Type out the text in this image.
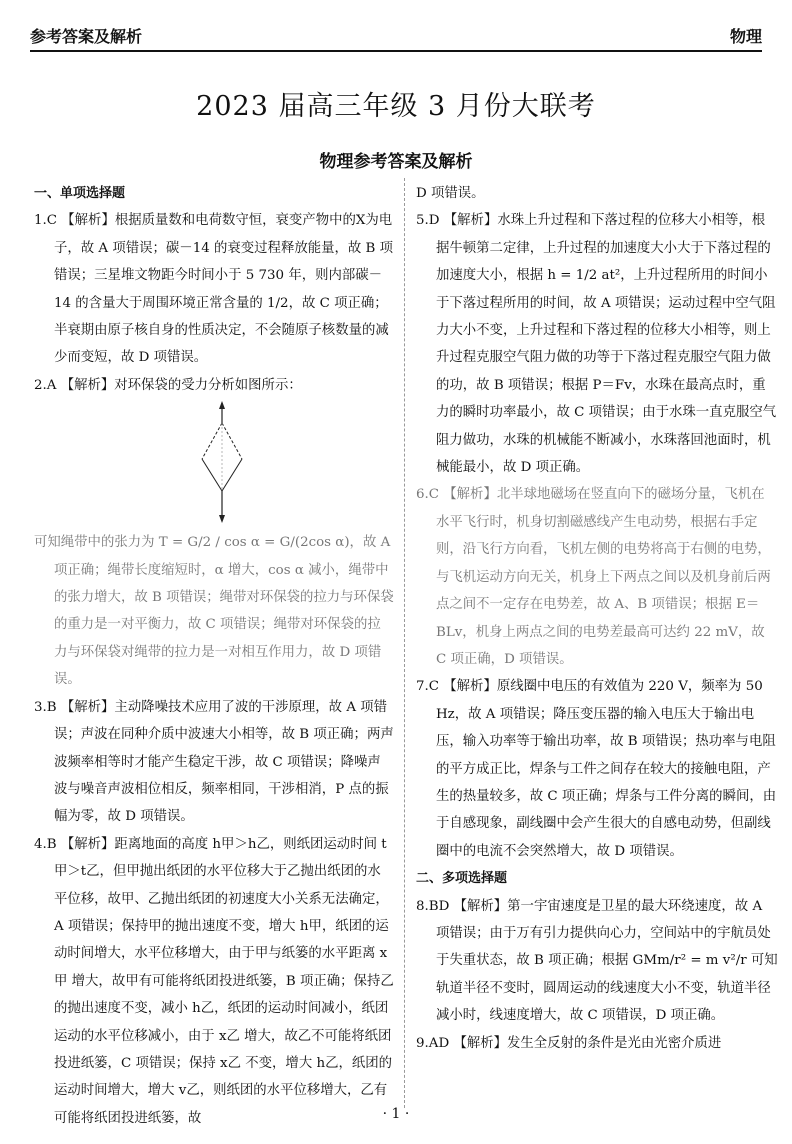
参考答案及解析	物理
2023 届高三年级 3 月份大联考
物理参考答案及解析
一、单项选择题

1.C 【解析】根据质量数和电荷数守恒，衰变产物中的X为电子，故 A 项错误；碳－14 的衰变过程释放能量，故 B 项错误；三星堆文物距今时间小于 5 730 年，则内部碳－14 的含量大于周围环境正常含量的 1/2，故 C 项正确；半衰期由原子核自身的性质决定，不会随原子核数量的减少而变短，故 D 项错误。

2.A 【解析】对环保袋的受力分析如图所示：

可知绳带中的张力为 T = G/2 / cos α = G/(2cos α)，故 A 项正确；绳带长度缩短时，α 增大，cos α 减小，绳带中的张力增大，故 B 项错误；绳带对环保袋的拉力与环保袋的重力是一对平衡力，故 C 项错误；绳带对环保袋的拉力与环保袋对绳带的拉力是一对相互作用力，故 D 项错误。

3.B 【解析】主动降噪技术应用了波的干涉原理，故 A 项错误；声波在同种介质中波速大小相等，故 B 项正确；两声波频率相等时才能产生稳定干涉，故 C 项错误；降噪声波与噪音声波相位相反，频率相同，干涉相消，P 点的振幅为零，故 D 项错误。

4.B 【解析】距离地面的高度 h甲＞h乙，则纸团运动时间 t甲＞t乙，但甲抛出纸团的水平位移大于乙抛出纸团的水平位移，故甲、乙抛出纸团的初速度大小关系无法确定，A 项错误；保持甲的抛出速度不变，增大 h甲，纸团的运动时间增大，水平位移增大，由于甲与纸篓的水平距离 x甲 增大，故甲有可能将纸团投进纸篓，B 项正确；保持乙的抛出速度不变，减小 h乙，纸团的运动时间减小，纸团运动的水平位移减小，由于 x乙 增大，故乙不可能将纸团投进纸篓，C 项错误；保持 x乙 不变，增大 h乙，纸团的运动时间增大，增大 v乙，则纸团的水平位移增大，乙有可能将纸团投进纸篓，故

D 项错误。

5.D 【解析】水珠上升过程和下落过程的位移大小相等，根据牛顿第二定律，上升过程的加速度大小大于下落过程的加速度大小，根据 h = 1/2 at²，上升过程所用的时间小于下落过程所用的时间，故 A 项错误；运动过程中空气阻力大小不变，上升过程和下落过程的位移大小相等，则上升过程克服空气阻力做的功等于下落过程克服空气阻力做的功，故 B 项错误；根据 P＝Fv，水珠在最高点时，重力的瞬时功率最小，故 C 项错误；由于水珠一直克服空气阻力做功，水珠的机械能不断减小，水珠落回池面时，机械能最小，故 D 项正确。

6.C 【解析】北半球地磁场在竖直向下的磁场分量，飞机在水平飞行时，机身切割磁感线产生电动势，根据右手定则，沿飞行方向看，飞机左侧的电势将高于右侧的电势，与飞机运动方向无关，机身上下两点之间以及机身前后两点之间不一定存在电势差，故 A、B 项错误；根据 E＝BLv，机身上两点之间的电势差最高可达约 22 mV，故 C 项正确，D 项错误。

7.C 【解析】原线圈中电压的有效值为 220 V，频率为 50 Hz，故 A 项错误；降压变压器的输入电压大于输出电压，输入功率等于输出功率，故 B 项错误；热功率与电阻的平方成正比，焊条与工件之间存在较大的接触电阻，产生的热量较多，故 C 项正确；焊条与工件分离的瞬间，由于自感现象，副线圈中会产生很大的自感电动势，但副线圈中的电流不会突然增大，故 D 项错误。

二、多项选择题

8.BD 【解析】第一宇宙速度是卫星的最大环绕速度，故 A 项错误；由于万有引力提供向心力，空间站中的宇航员处于失重状态，故 B 项正确；根据 GMm/r² = m v²/r 可知轨道半径不变时，圆周运动的线速度大小不变，轨道半径减小时，线速度增大，故 C 项错误，D 项正确。

9.AD 【解析】发生全反射的条件是光由光密介质进

· 1 ·
